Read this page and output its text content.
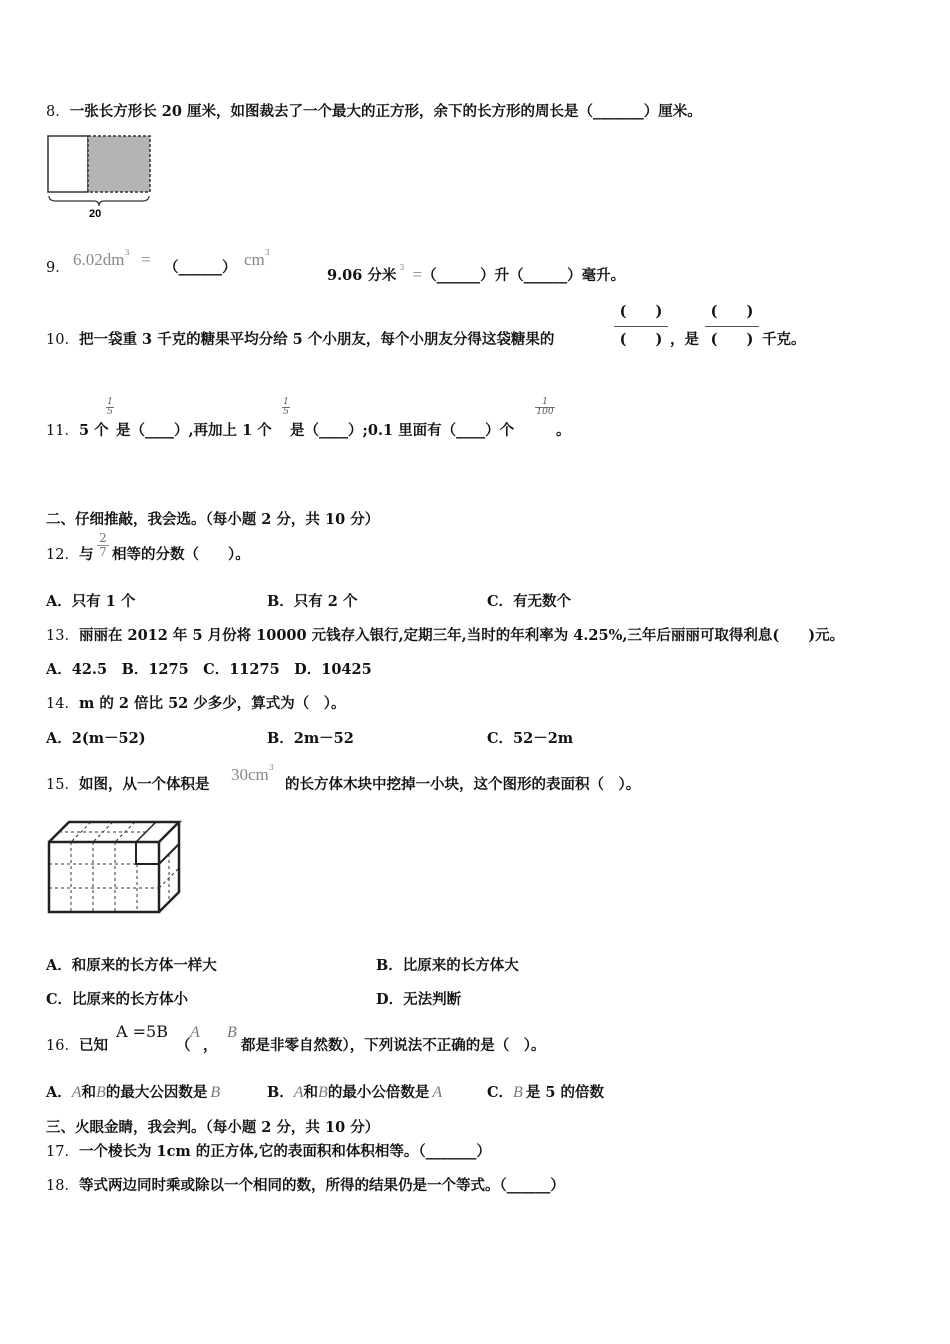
8．一张长方形长 20 厘米，如图裁去了一个最大的正方形，余下的长方形的周长是（_______）厘米。
20
9． $6.02dm^3$ = （______） $cm^3$
9.06 分米 $^3$ =（______）升（______）毫升。
10．把一袋重 3 千克的糖果平均分给 5 个小朋友，每个小朋友分得这袋糖果的
(　　)
(　　) ，是
(　　)
(　　) 千克。
11．5 个
$\frac{1}{5}$
是（____）,再加上 1 个
$\frac{1}{5}$
是（____）;0.1 里面有（____）个
$\frac{1}{100}$
。
二、仔细推敲，我会选。（每小题 2 分，共 10 分）
12．与 $\frac{2}{7}$ 相等的分数（　　）。
A．只有 1 个	B．只有 2 个	C．有无数个
13．丽丽在 2012 年 5 月份将 10000 元钱存入银行,定期三年,当时的年利率为 4.25%,三年后丽丽可取得利息(　　)元。
A．42.5　B．1275　C．11275　D．10425
14．m 的 2 倍比 52 少多少，算式为（　）。
A．2(m－52)	B．2m－52	C．52－2m
15．如图，从一个体积是
$30cm^3$
的长方体木块中挖掉一小块，这个图形的表面积（　）。
A．和原来的长方体一样大	B．比原来的长方体大
C．比原来的长方体小	D．无法判断
16．已知
A =5B
（
A
，
B
都是非零自然数），下列说法不正确的是（　）。
A．A和B的最大公因数是 B	B．A和B的最小公倍数是 A	C．B 是 5 的倍数
三、火眼金睛，我会判。（每小题 2 分，共 10 分）
17．一个棱长为 1cm 的正方体,它的表面积和体积相等。（_______）
18．等式两边同时乘或除以一个相同的数，所得的结果仍是一个等式。（______）
